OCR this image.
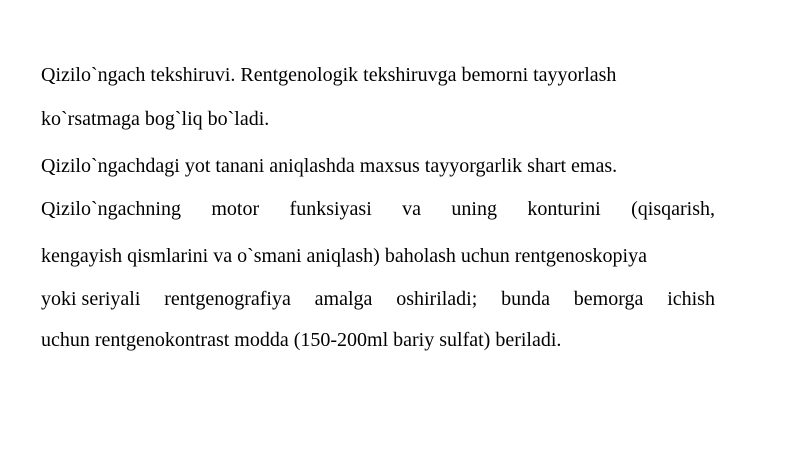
Qizilo`ngach tekshiruvi. Rentgenologik tekshiruvga bemorni tayyorlash
ko`rsatmaga bog`liq bo`ladi.
Qizilo`ngachdagi yot tanani aniqlashda maxsus tayyorgarlik shart emas.
Qizilo`ngachning motor funksiyasi va uning konturini (qisqarish,
kengayish qismlarini va o`smani aniqlash) baholash uchun rentgenoskopiya
yoki seriyali rentgenografiya amalga oshiriladi; bunda bemorga ichish
uchun rentgenokontrast modda (150-200ml bariy sulfat) beriladi.
